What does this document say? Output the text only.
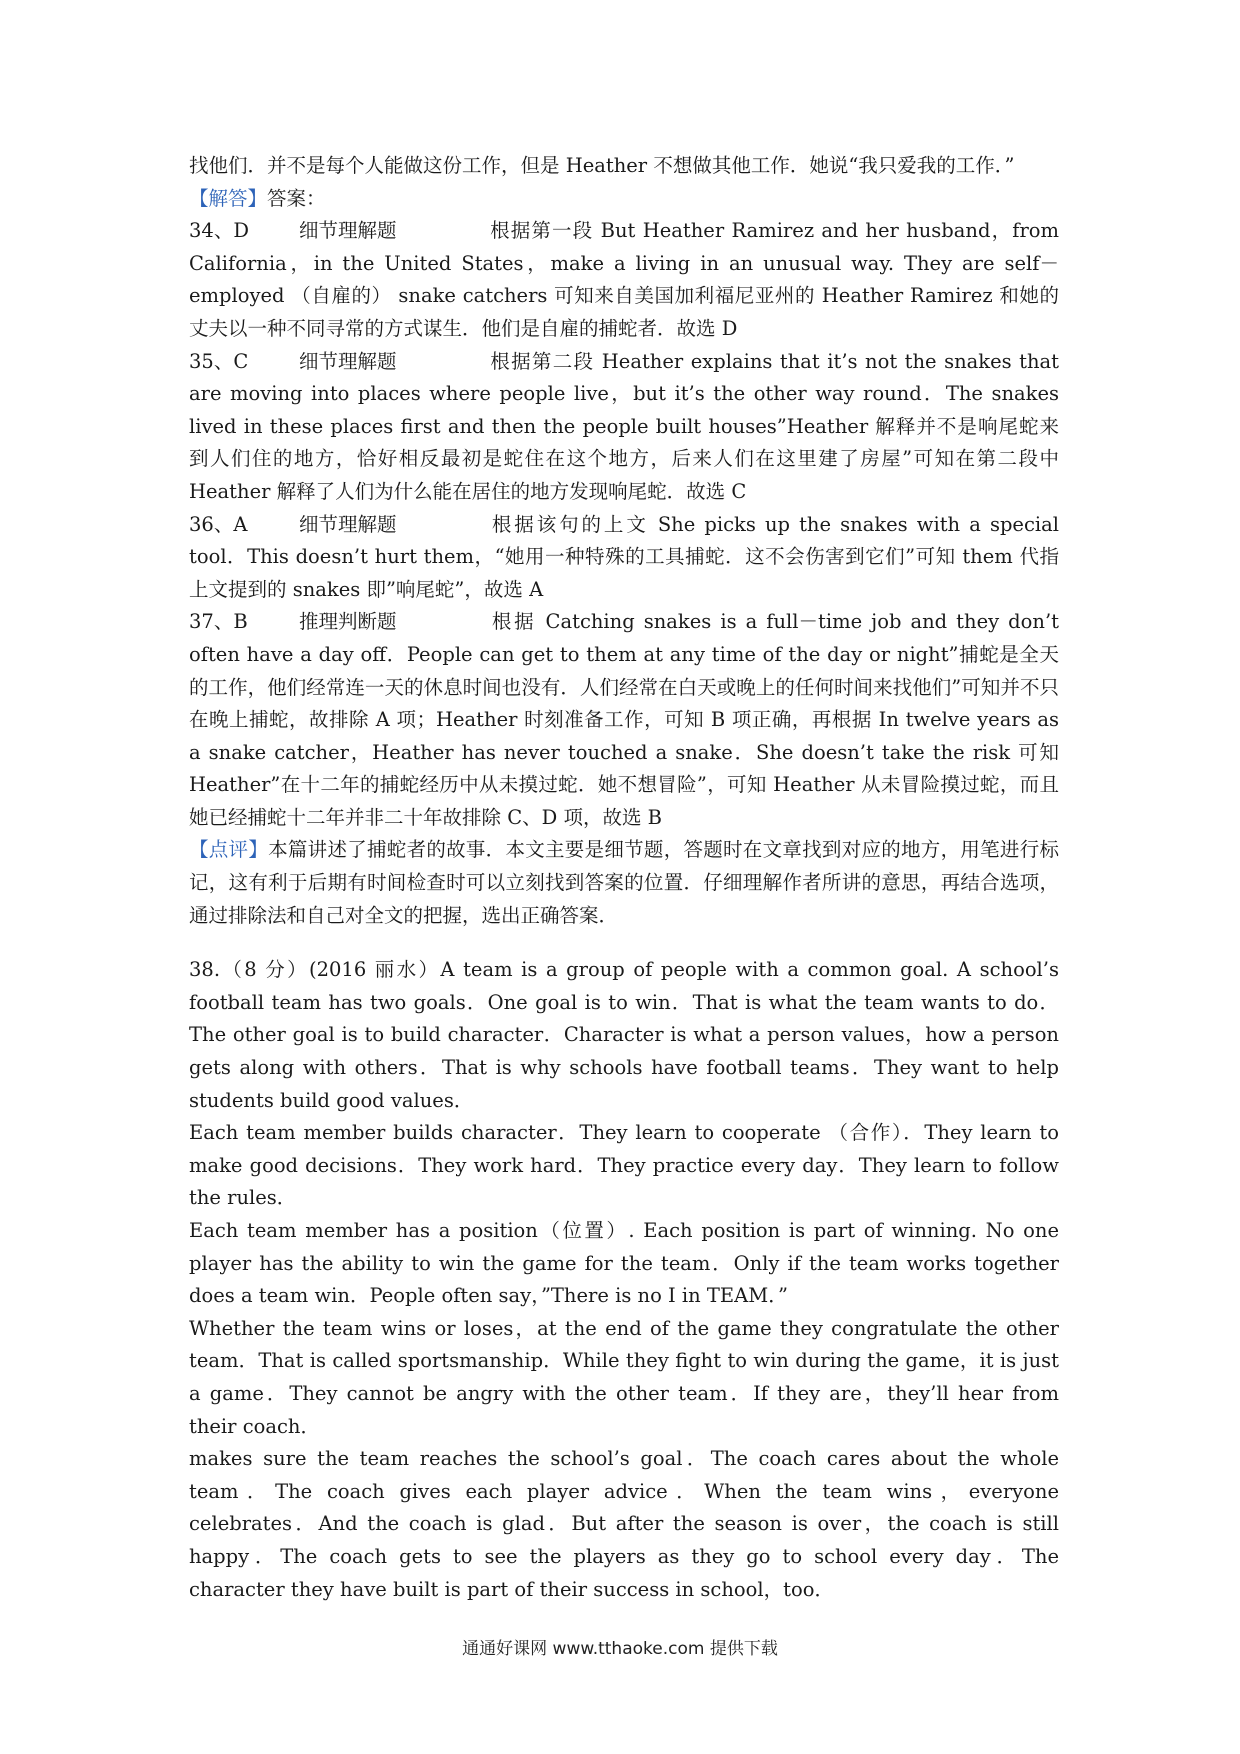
找他们．并不是每个人能做这份工作，但是 Heather 不想做其他工作．她说“我只爱我的工作．”

【解答】答案：

34、D	细节理解题	根据第一段 But Heather Ramirez and her husband，from California，in the United States，make a living in an unusual way. They are self－employed （自雇的） snake catchers 可知来自美国加利福尼亚州的 Heather Ramirez 和她的丈夫以一种不同寻常的方式谋生．他们是自雇的捕蛇者．故选 D

35、C	细节理解题	根据第二段 Heather explains that it’s not the snakes that are moving into places where people live，but it’s the other way round．The snakes lived in these places first and then the people built houses”Heather 解释并不是响尾蛇来到人们住的地方，恰好相反最初是蛇住在这个地方，后来人们在这里建了房屋”可知在第二段中 Heather 解释了人们为什么能在居住的地方发现响尾蛇．故选 C

36、A	细节理解题	根据该句的上文 She picks up the snakes with a special tool．This doesn’t hurt them，“她用一种特殊的工具捕蛇．这不会伤害到它们”可知 them 代指上文提到的 snakes 即”响尾蛇”，故选 A

37、B	推理判断题	根据 Catching snakes is a full－time job and they don’t often have a day off．People can get to them at any time of the day or night”捕蛇是全天的工作，他们经常连一天的休息时间也没有．人们经常在白天或晚上的任何时间来找他们”可知并不只在晚上捕蛇，故排除 A 项；Heather 时刻准备工作，可知 B 项正确，再根据 In twelve years as a snake catcher，Heather has never touched a snake．She doesn’t take the risk 可知 Heather”在十二年的捕蛇经历中从未摸过蛇．她不想冒险”，可知 Heather 从未冒险摸过蛇，而且她已经捕蛇十二年并非二十年故排除 C、D 项，故选 B

【点评】本篇讲述了捕蛇者的故事．本文主要是细节题，答题时在文章找到对应的地方，用笔进行标记，这有利于后期有时间检查时可以立刻找到答案的位置．仔细理解作者所讲的意思，再结合选项，通过排除法和自己对全文的把握，选出正确答案．

38.（8 分）(2016 丽水）A team is a group of people with a common goal. A school’s football team has two goals．One goal is to win．That is what the team wants to do．The other goal is to build character．Character is what a person values，how a person gets along with others．That is why schools have football teams．They want to help students build good values．

Each team member builds character．They learn to cooperate （合作）．They learn to make good decisions．They work hard．They practice every day．They learn to follow the rules．

Each team member has a position（位置）. Each position is part of winning. No one player has the ability to win the game for the team．Only if the team works together does a team win．People often say，”There is no I in TEAM．”

Whether the team wins or loses，at the end of the game they congratulate the other team．That is called sportsmanship．While they fight to win during the game，it is just a game．They cannot be angry with the other team．If they are，they’ll hear from their coach．

makes sure the team reaches the school’s goal．The coach cares about the whole team．The coach gives each player advice．When the team wins，everyone celebrates．And the coach is glad．But after the season is over，the coach is still happy．The coach gets to see the players as they go to school every day．The character they have built is part of their success in school，too．

通通好课网 www.tthaoke.com 提供下载
